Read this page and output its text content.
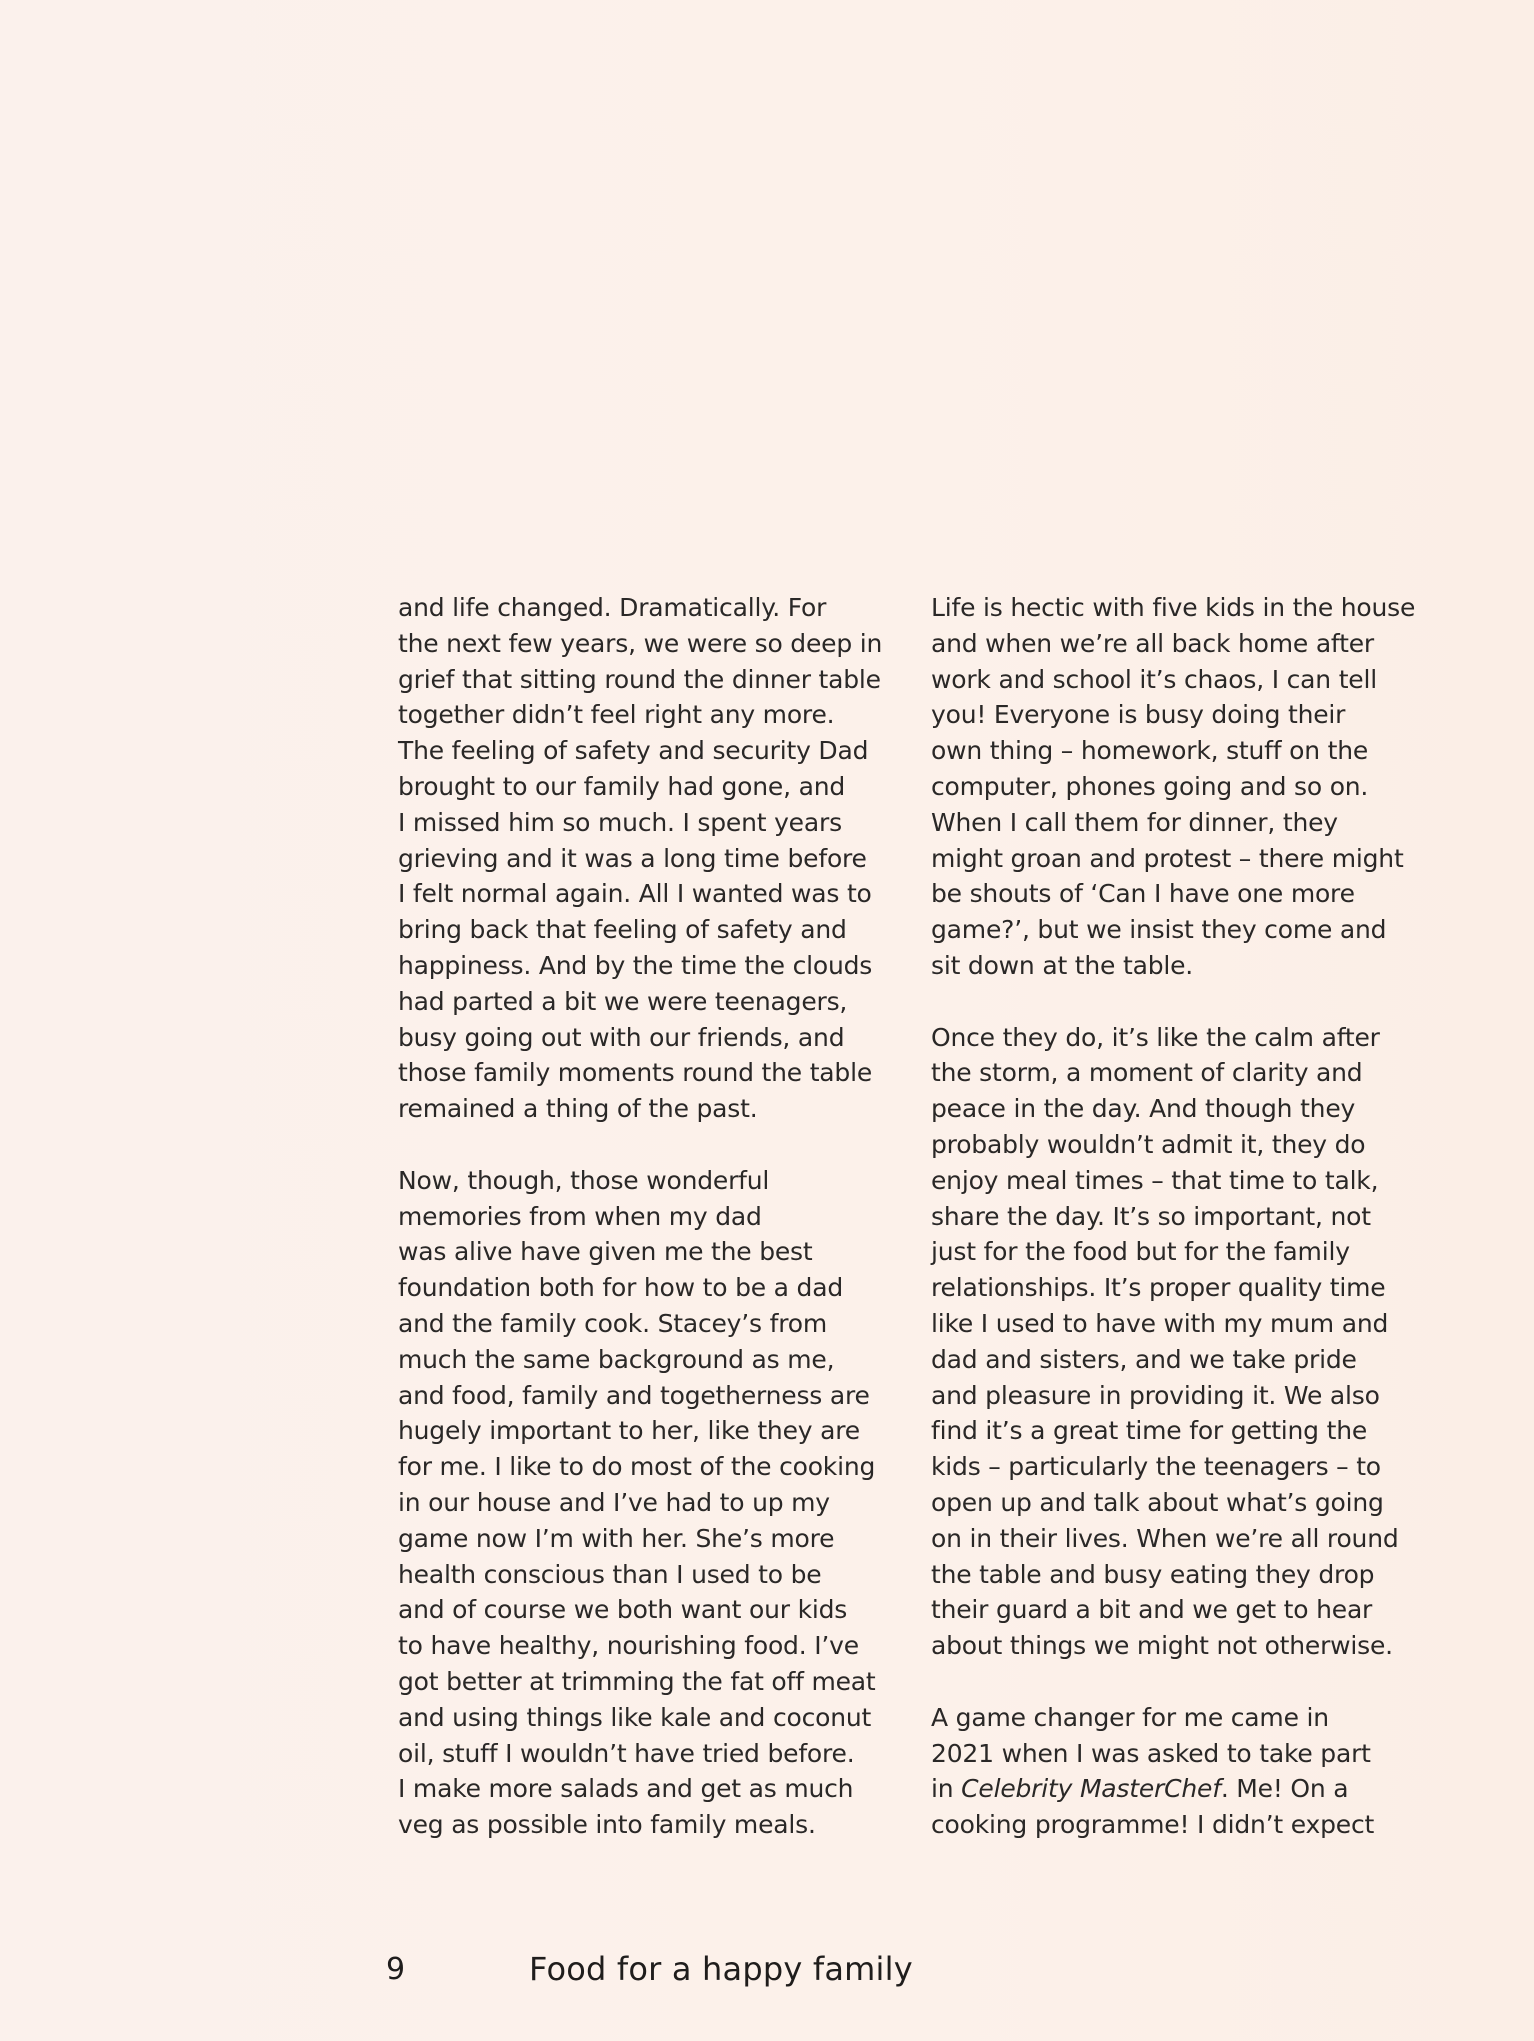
and life changed. Dramatically. For
the next few years, we were so deep in
grief that sitting round the dinner table
together didn’t feel right any more.
The feeling of safety and security Dad
brought to our family had gone, and
I missed him so much. I spent years
grieving and it was a long time before
I felt normal again. All I wanted was to
bring back that feeling of safety and
happiness. And by the time the clouds
had parted a bit we were teenagers,
busy going out with our friends, and
those family moments round the table
remained a thing of the past.
Now, though, those wonderful
memories from when my dad
was alive have given me the best
foundation both for how to be a dad
and the family cook. Stacey’s from
much the same background as me,
and food, family and togetherness are
hugely important to her, like they are
for me. I like to do most of the cooking
in our house and I’ve had to up my
game now I’m with her. She’s more
health conscious than I used to be
and of course we both want our kids
to have healthy, nourishing food. I’ve
got better at trimming the fat off meat
and using things like kale and coconut
oil, stuff I wouldn’t have tried before.
I make more salads and get as much
veg as possible into family meals.
Life is hectic with five kids in the house
and when we’re all back home after
work and school it’s chaos, I can tell
you! Everyone is busy doing their
own thing – homework, stuff on the
computer, phones going and so on.
When I call them for dinner, they
might groan and protest – there might
be shouts of ‘Can I have one more
game?’, but we insist they come and
sit down at the table.
Once they do, it’s like the calm after
the storm, a moment of clarity and
peace in the day. And though they
probably wouldn’t admit it, they do
enjoy meal times – that time to talk,
share the day. It’s so important, not
just for the food but for the family
relationships. It’s proper quality time
like I used to have with my mum and
dad and sisters, and we take pride
and pleasure in providing it. We also
find it’s a great time for getting the
kids – particularly the teenagers – to
open up and talk about what’s going
on in their lives. When we’re all round
the table and busy eating they drop
their guard a bit and we get to hear
about things we might not otherwise.
A game changer for me came in
2021 when I was asked to take part
in Celebrity MasterChef. Me! On a
cooking programme! I didn’t expect
9	Food for a happy family
